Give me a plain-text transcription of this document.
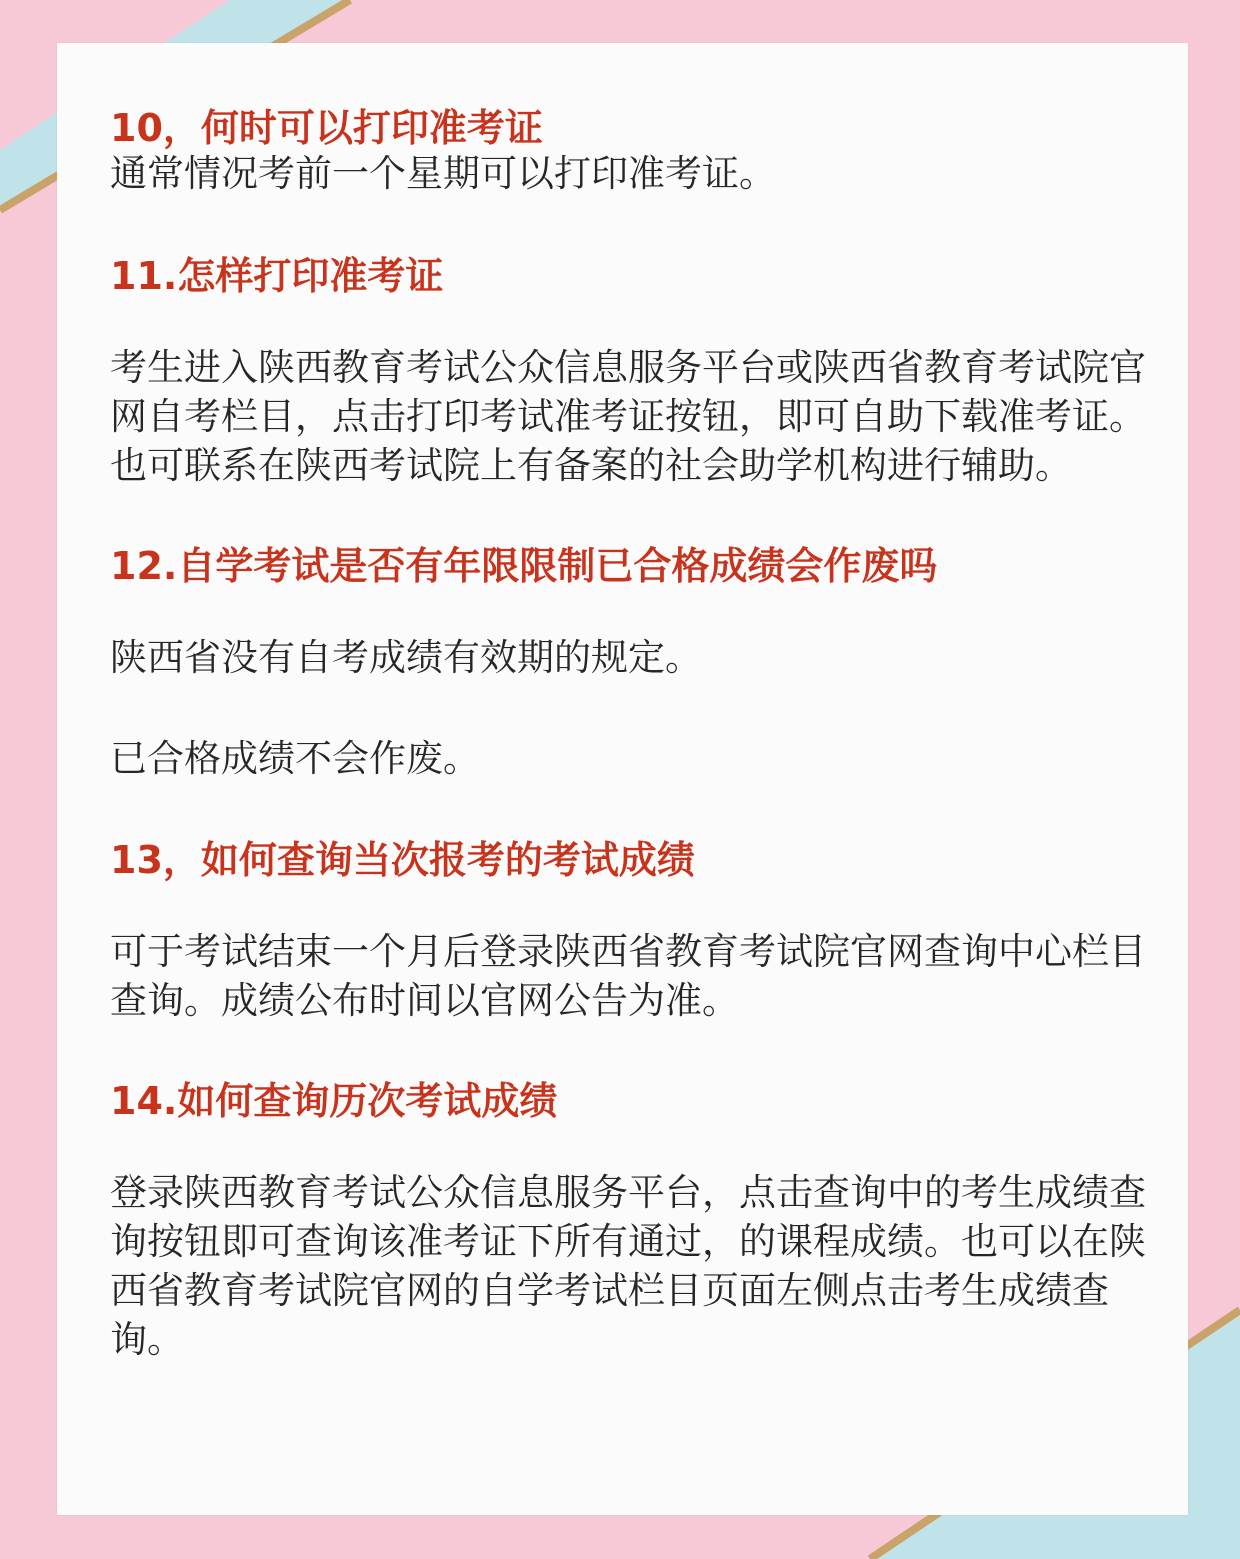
10，何时可以打印准考证

通常情况考前一个星期可以打印准考证。

11.怎样打印准考证

考生进入陕西教育考试公众信息服务平台或陕西省教育考试院官网自考栏目，点击打印考试准考证按钮，即可自助下载准考证。也可联系在陕西考试院上有备案的社会助学机构进行辅助。

12.自学考试是否有年限限制已合格成绩会作废吗

陕西省没有自考成绩有效期的规定。

已合格成绩不会作废。

13，如何查询当次报考的考试成绩

可于考试结束一个月后登录陕西省教育考试院官网查询中心栏目查询。成绩公布时间以官网公告为准。

14.如何查询历次考试成绩

登录陕西教育考试公众信息服务平台，点击查询中的考生成绩查询按钮即可查询该准考证下所有通过，的课程成绩。也可以在陕西省教育考试院官网的自学考试栏目页面左侧点击考生成绩查询。
